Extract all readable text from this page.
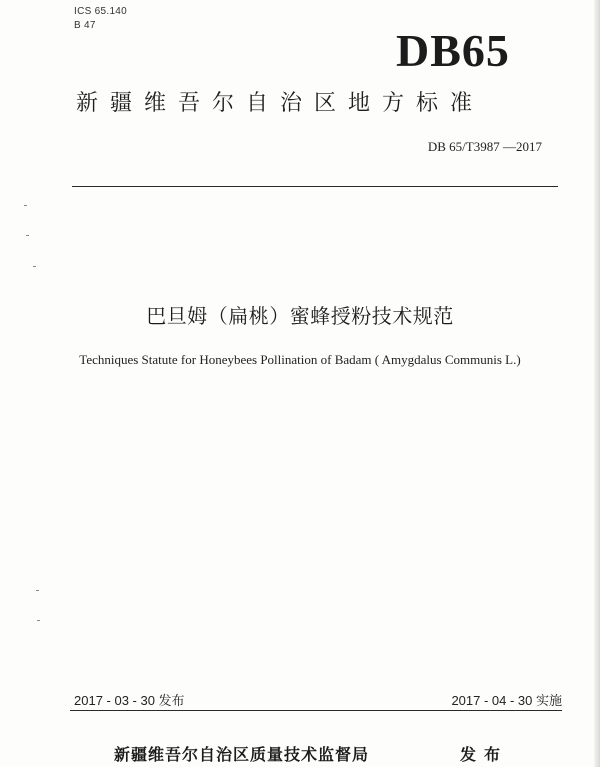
ICS 65.140
B 47	DB65
新疆维吾尔自治区地方标准
DB 65/T3987 —2017
巴旦姆（扁桃）蜜蜂授粉技术规范
Techniques Statute for Honeybees Pollination of Badam ( Amygdalus Communis L.)
2017 - 03 - 30 发布	2017 - 04 - 30 实施
新疆维吾尔自治区质量技术监督局	发布
